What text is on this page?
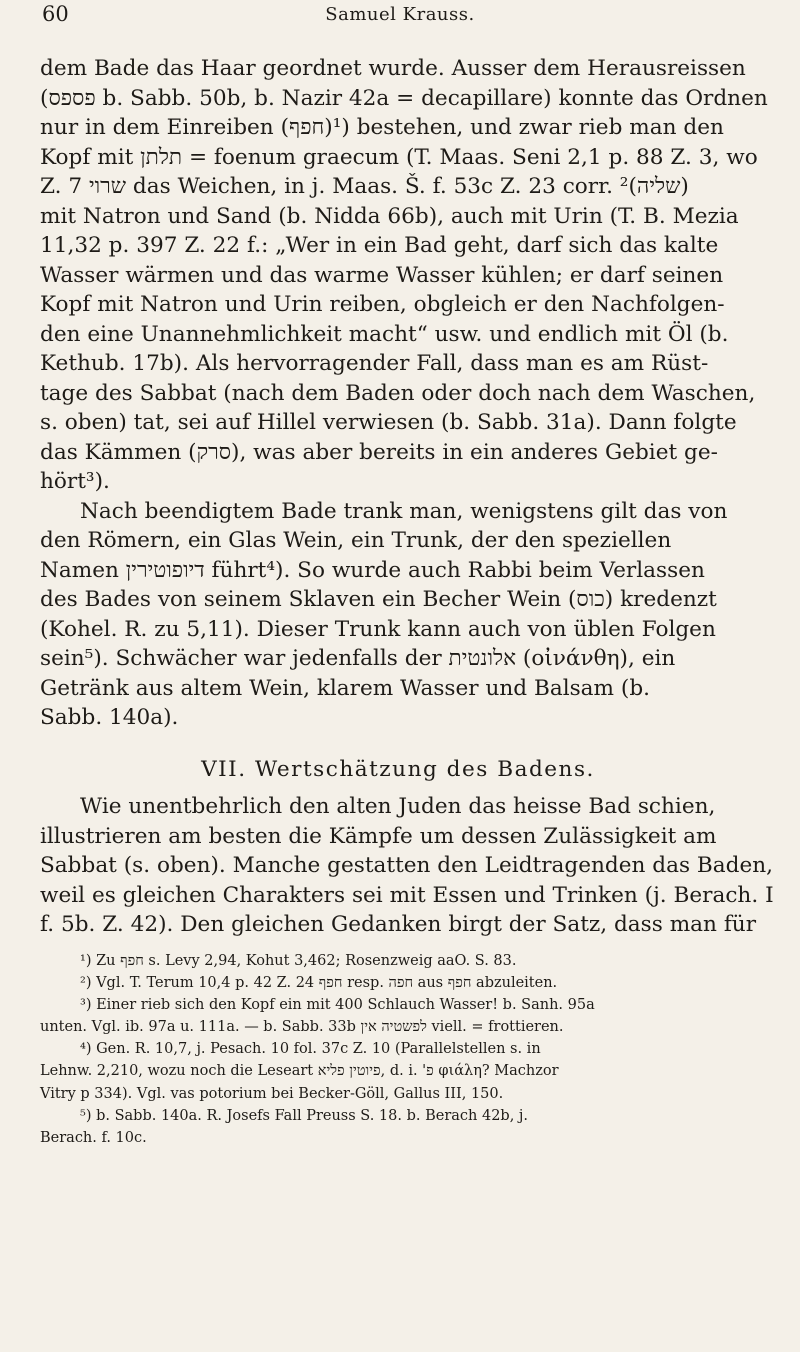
60	Samuel Krauss.
dem Bade das Haar geordnet wurde. Ausser dem Herausreissen
(פספס b. Sabb. 50b, b. Nazir 42a = decapillare) konnte das Ordnen
nur in dem Einreiben (חפף)¹) bestehen, und zwar rieb man den
Kopf mit תלתן = foenum graecum (T. Maas. Seni 2,1 p. 88 Z. 3, wo
Z. 7 שרוי das Weichen, in j. Maas. Š. f. 53c Z. 23 corr. שליה)²)
mit Natron und Sand (b. Nidda 66b), auch mit Urin (T. B. Mezia
11,32 p. 397 Z. 22 f.: „Wer in ein Bad geht, darf sich das kalte
Wasser wärmen und das warme Wasser kühlen; er darf seinen
Kopf mit Natron und Urin reiben, obgleich er den Nachfolgen-
den eine Unannehmlichkeit macht“ usw. und endlich mit Öl (b.
Kethub. 17b). Als hervorragender Fall, dass man es am Rüst-
tage des Sabbat (nach dem Baden oder doch nach dem Waschen,
s. oben) tat, sei auf Hillel verwiesen (b. Sabb. 31a). Dann folgte
das Kämmen (סרק), was aber bereits in ein anderes Gebiet ge-
hört³).
Nach beendigtem Bade trank man, wenigstens gilt das von
den Römern, ein Glas Wein, ein Trunk, der den speziellen
Namen דיופוטירין führt⁴). So wurde auch Rabbi beim Verlassen
des Bades von seinem Sklaven ein Becher Wein (כוס) kredenzt
(Kohel. R. zu 5,11). Dieser Trunk kann auch von üblen Folgen
sein⁵). Schwächer war jedenfalls der אלונטית (οἰνάνθη), ein
Getränk aus altem Wein, klarem Wasser und Balsam (b.
Sabb. 140a).
VII. Wertschätzung des Badens.
Wie unentbehrlich den alten Juden das heisse Bad schien,
illustrieren am besten die Kämpfe um dessen Zulässigkeit am
Sabbat (s. oben). Manche gestatten den Leidtragenden das Baden,
weil es gleichen Charakters sei mit Essen und Trinken (j. Berach. I
f. 5b. Z. 42). Den gleichen Gedanken birgt der Satz, dass man für
¹) Zu חפף s. Levy 2,94, Kohut 3,462; Rosenzweig aaO. S. 83.
²) Vgl. T. Terum 10,4 p. 42 Z. 24 חפף resp. חפה aus חפף abzuleiten.
³) Einer rieb sich den Kopf ein mit 400 Schlauch Wasser! b. Sanh. 95a
unten. Vgl. ib. 97a u. 111a. — b. Sabb. 33b לפשטיה אין viell. = frottieren.
⁴) Gen. R. 10,7, j. Pesach. 10 fol. 37c Z. 10 (Parallelstellen s. in
Lehnw. 2,210, wozu noch die Leseart פיוטין פליא, d. i. 'פ φιάλη? Machzor
Vitry p 334). Vgl. vas potorium bei Becker-Göll, Gallus III, 150.
⁵) b. Sabb. 140a. R. Josefs Fall Preuss S. 18. b. Berach 42b, j.
Berach. f. 10c.
